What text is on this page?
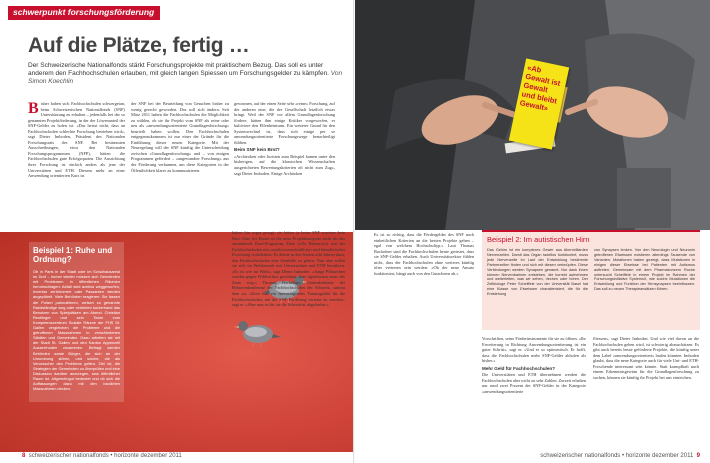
schwerpunkt forschungsförderung
Auf die Plätze, fertig …
Der Schweizerische Nationalfonds stärkt Forschungsprojekte mit praktischem Bezug. Das soll es unter anderem den Fachhochschulen erlauben, mit gleich langen Spiessen um Forschungsgelder zu kämpfen. Von Simon Koechlin
Bisher haben sich Fachhochschulen schwergetan, beim Schweizerischen Nationalfonds (SNF) Unterstützung zu erhalten – jedenfalls bei der so genannten Projektförderung, in der der Löwenanteil der SNF-Gelder zu holen ist. «Das heisst nicht, dass an Fachhochschulen schlechte Forschung betrieben wird», sagt Dieter Imboden, Präsident des Nationalen Forschungsrats des SNF. Bei bestimmten Ausschreibungen, etwa den Nationalen Forschungsprogrammen (NFP), hätten die Fachhochschulen gute Erfolgsquoten. Die Ausrichtung ihrer Forschung ist einfach anders als jene der Universitäten und ETH. Diesem mehr an einer Anwendung orientierten Kurs ist
der SNF bei der Beurteilung von Gesuchen bisher zu wenig gerecht geworden. Das soll sich ändern. Seit März 2011 haben die Fachhochschulen die Möglichkeit zu wählen, ob sie ihr Projekt vom SNF als reine oder neu als «anwendungsorientierte Grundlagenforschung» beurteilt haben wollen. Den Fachhochschulen entgegenzukommen ist nur einer der Gründe für die Einführung dieser neuen Kategorie. Mit der Neuregelung will der SNF künftig die Unterscheidung zwischen «Grundlagenforschung» und – von einigen Programmen gefördert – «angewandter Forschung» aus der Förderung verbannen, um diese Kategorien in der Öffentlichkeit klarer zu kommunizieren.
gewonnen, auf der einen Seite sehr «reine» Forschung, auf der anderen eine, die der Gesellschaft letztlich etwas bringt. Weil der SNF vor allem Grundlagenforschung fördere, hätten ihm einige Kritiker vorgeworfen, er kultiviere den Elfenbeinturm. Ein weiterer Grund für den Systemwechsel ist, dass sich einige per se anwendungsorientierte Forschungswege benachteiligt fühlten.
Beim SNF kein Brot?
«Archieoken oder Juristen zum Beispiel kamen unter den bisherigen, auf die klassischen Wissenschaften ausgerichteten Bewertungskriterien oft nicht zum Zug», sagt Dieter Imboden. Einige Archäoken
Beispiel 1: Ruhe und Ordnung?
Ob in Paris in der Stadt oder im Schulhausareal im Dorf – immer wieder müssen sich Gemeinden mit Problemen in öffentlichen Räumen herumschlagen: Abfall wird achtlos weggeworfen, Inventar zertrümmert oder Passanten werden angepöbelt. Viele Behörden reagieren: Sie lassen die Polizei patrouillieren, weisen so genannte Randständige weg oder verbieten kurzerhand das Benutzen von Spielplätzen am Abend. Christian Reutlinger und sein Team vom Kompetenzzentrum Soziale Räume der FHS St. Gallen vergleichen die Probleme und die getroffenen Massnahmen in verschiedenen Städten und Gemeinden. Dazu arbeiten sie mit der Stadt St. Gallen und den Kanton Appenzell Ausserrhoden zusammen. Befragt werden Behörden sowie Bürger, die sich an der Umordnung stören, und solche, die als Verursacher des Problems gelten. Ziel ist, die Strategien der Gemeinden zu überprüfen und eine Diskussion darüber anzuregen, was öffentlicher Raum ist. Allgemeingut bedeutet und ob sich die Auffassungen dazu mit den baulichen Massnahmen decken.
8 schweizerischer nationalfonds • horizonte dezember 2011
«Ab Gewalt ist Gewalt und bleibt Gewalt»
hätten hin sogar gesagt, sie hätten ja beim SNF sowieso kein Brot. Eine Art Ersatz ist die neue Projektkategorie nicht für das auslaufende Dore-Programm. Dore («Do Research») war der Fachhochschulen mit sozialwissenschaftlicher und künstlerischer Forschung vorbehalten. Es diente in den letzten acht Jahren dazu, den Fachhochschulen eine Starthilfe zu geben. Nun aber sollen sie sich im Wettbewerb mit Universitäten und ETH bewähren. «Es ist wie im Wald», sagt Dieter Imboden. «Junge Pflänzchen werden gegen Wildverbiss geschützt, aber irgendwann muss der Zaun weg.» Thomas Bachofner, Generalsekretär der Rektorenkonferenz der Fachhochschulen der Schweiz, stimmt dem zu. «Dore war ein hervorragendes Trainingsfeld für die Fachhochschulen, mit der SNF-Förderung vertraut zu werden», sagt er. «Aber nun ist für sie die Schonfrist abgelaufen.»
Beispiel 2: Im autistischen Hirn
Das Gehirn ist ein komplexes Gewirr aus Abermilliarden Nervenzellen. Damit das Organ tadellos funktioniert, muss jede Nervenzelle im Lauf der Entwicklung bestimmte Partnerzellen finden und sich mit diesen verknüpfen. Diese Verbindungen werden Synapsen genannt. Nur dank ihnen können Nervenbahnen entstehen, die korrekt aufnehmen und weiterleiten, was wir sehen, riechen oder hören. Der Zellbiologe Peter Scheiffele von der Universität Basel hat eine Klasse von Eiweissen charakterisiert, die für die Entstehung
von Synapsen lenken. Von den Neurologin und Neuronin getroffenen Eiweissen existieren allerdings Tausende von Varianten. Mutationen haben gezeigt, dass Mutationen in einigen dieser Eiweisse bei Patienten mit Autismus auftreten. Gemeinsam mit dem Pharmakonzern Roche untersucht Scheiffele in einem Projekt im Rahmen der Forschungsinitiative SystemsX, wie solche Mutationen die Entwicklung und Funktion der Hirnsynapsen beeinflussen. Das soll zu neuen Therapieansätzen führen.
Es ist so richtig, dass die Fördergelder des SNF nach einheitlichen Kriterien an die besten Projekte gehen – egal von welchem Hochschultyp.» Laut Thomas Bachofner sind die Fachhochschulen heute gerüstet, dass sie SNF-Gelder erhalten. Auch Universitätsrektor fühlen nicht, dass der Fachhochschulen ohne weiteres künftig öfter vertreten sein werden: «Ob der neue Ansatz funktioniert, hängt auch von den Gutachtern ab.»
Vorschriften, seine Förderinstrumente für sie zu öffnen. «Ihr Erweiterung in Richtung Anwendungsorientierung ist ein guter Schritt», sagt er. «Und er so optimistisch. Er hofft, dass die Fachhochschulen mehr SNF-Gelder abholen als bisher.»
Mehr Geld für Fachhochschulen?
Die Universitäten und ETH übernehmen werden die Fachhochschulen aber nicht zu sehr Zahlen. Zurzeit erhalten nur rund zwei Prozent der SNF-Gelder in der Kategorie «anwendungsorientierte
fliessen», sagt Dieter Imboden. Und wie viel davon an die Fachhochschulen gehen wird, ist schwierig abzuschätzen. Es gibt auch bereits heute geförderte Projekte, die künftig unter dem Label «anwendungsorientiert» laufen könnten. Imboden glaubt, dass die neue Kategorie auch für viele Uni- und ETH-Forschende interessant sein könnte. Statt krampfhaft nach einem Erkenntnisgewinn für die Grundlagenforschung zu suchen, können sie künftig ihr Projekt bei uns einreichen.
schweizerischer nationalfonds • horizonte dezember 2011 9
